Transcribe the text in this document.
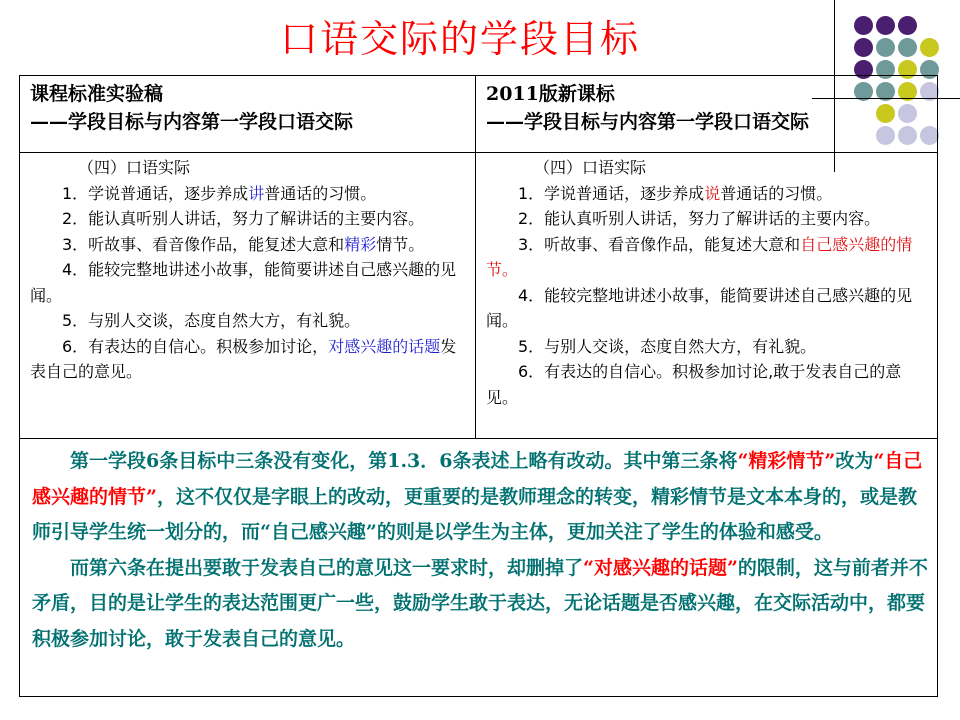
口语交际的学段目标
课程标准实验稿
——学段目标与内容第一学段口语交际
2011版新课标
——学段目标与内容第一学段口语交际

（四）口语实际

1．学说普通话，逐步养成讲普通话的习惯。

2．能认真听别人讲话，努力了解讲话的主要内容。

3．听故事、看音像作品，能复述大意和精彩情节。

4．能较完整地讲述小故事，能简要讲述自己感兴趣的见闻。

5．与别人交谈，态度自然大方，有礼貌。

6．有表达的自信心。积极参加讨论，对感兴趣的话题发表自己的意见。

（四）口语实际

1．学说普通话，逐步养成说普通话的习惯。

2．能认真听别人讲话，努力了解讲话的主要内容。

3．听故事、看音像作品，能复述大意和自己感兴趣的情节。

4．能较完整地讲述小故事，能简要讲述自己感兴趣的见闻。

5．与别人交谈，态度自然大方，有礼貌。

6．有表达的自信心。积极参加讨论,敢于发表自己的意见。

第一学段6条目标中三条没有变化，第1.3．6条表述上略有改动。其中第三条将“精彩情节”改为“自己感兴趣的情节”，这不仅仅是字眼上的改动，更重要的是教师理念的转变，精彩情节是文本本身的，或是教师引导学生统一划分的，而“自己感兴趣”的则是以学生为主体，更加关注了学生的体验和感受。

而第六条在提出要敢于发表自己的意见这一要求时，却删掉了“对感兴趣的话题”的限制，这与前者并不矛盾，目的是让学生的表达范围更广一些，鼓励学生敢于表达，无论话题是否感兴趣，在交际活动中，都要积极参加讨论，敢于发表自己的意见。
